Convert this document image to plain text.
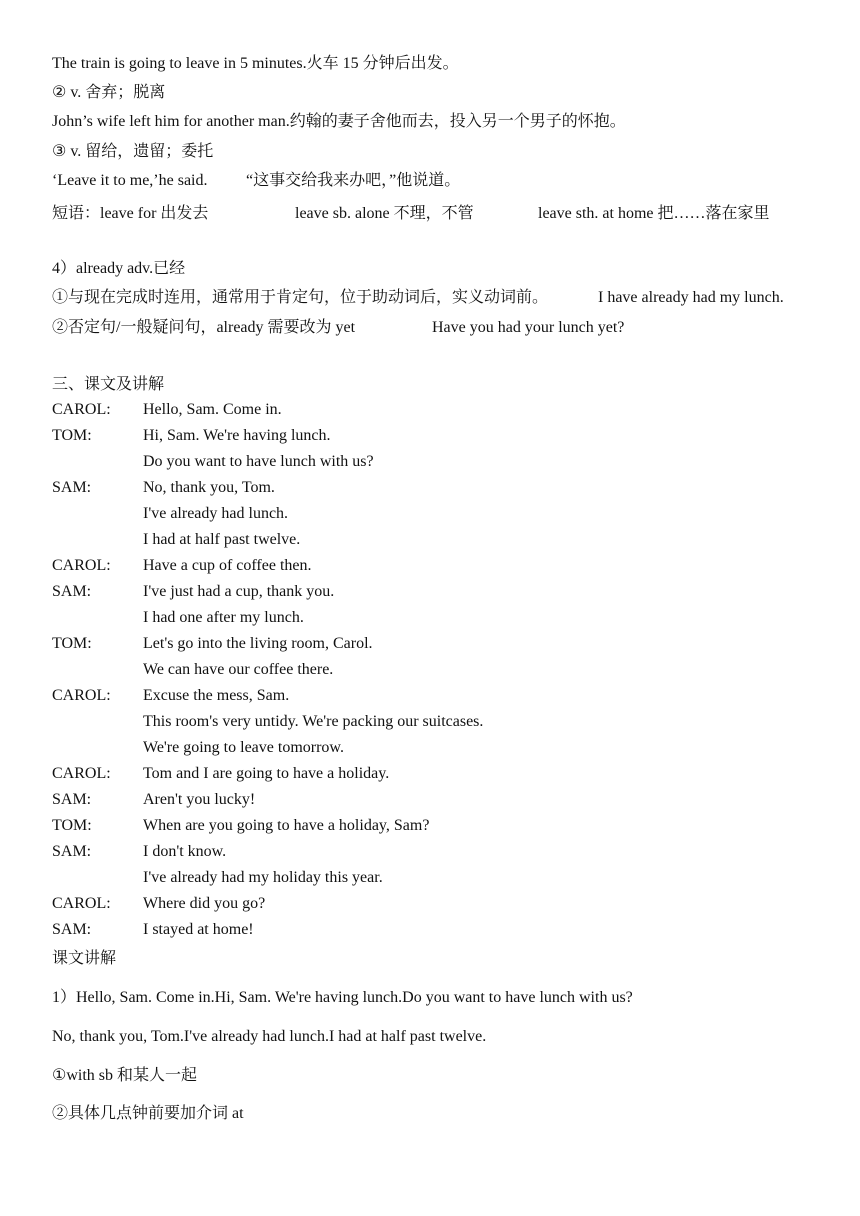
The train is going to leave in 5 minutes.火车 15 分钟后出发。
② v. 舍弃；脱离
John’s wife left him for another man.约翰的妻子舍他而去，投入另一个男子的怀抱。
③ v. 留给，遗留；委托
‘Leave it to me,’he said. “这事交给我来办吧，”他说道。
短语：leave for 出发去	leave sb. alone 不理，不管	leave sth. at home 把……落在家里
4）already adv.已经
①与现在完成时连用，通常用于肯定句，位于助动词后，实义动词前。	I have already had my lunch.
②否定句/一般疑问句，already 需要改为 yet	Have you had your lunch yet?
三、课文及讲解
CAROL: Hello, Sam. Come in.
TOM:	Hi, Sam. We're having lunch.
Do you want to have lunch with us?
SAM:	No, thank you, Tom.
I've already had lunch.
I had at half past twelve.
CAROL: Have a cup of coffee then.
SAM:	I've just had a cup, thank you.
I had one after my lunch.
TOM:	Let's go into the living room, Carol.
We can have our coffee there.
CAROL: Excuse the mess, Sam.
This room's very untidy. We're packing our suitcases.
We're going to leave tomorrow.
CAROL: Tom and I are going to have a holiday.
SAM:	Aren't you lucky!
TOM:	When are you going to have a holiday, Sam?
SAM:	I don't know.
I've already had my holiday this year.
CAROL: Where did you go?
SAM:	I stayed at home!
课文讲解
1）Hello, Sam. Come in.Hi, Sam. We're having lunch.Do you want to have lunch with us?
No, thank you, Tom.I've already had lunch.I had at half past twelve.
①with sb 和某人一起
②具体几点钟前要加介词 at
